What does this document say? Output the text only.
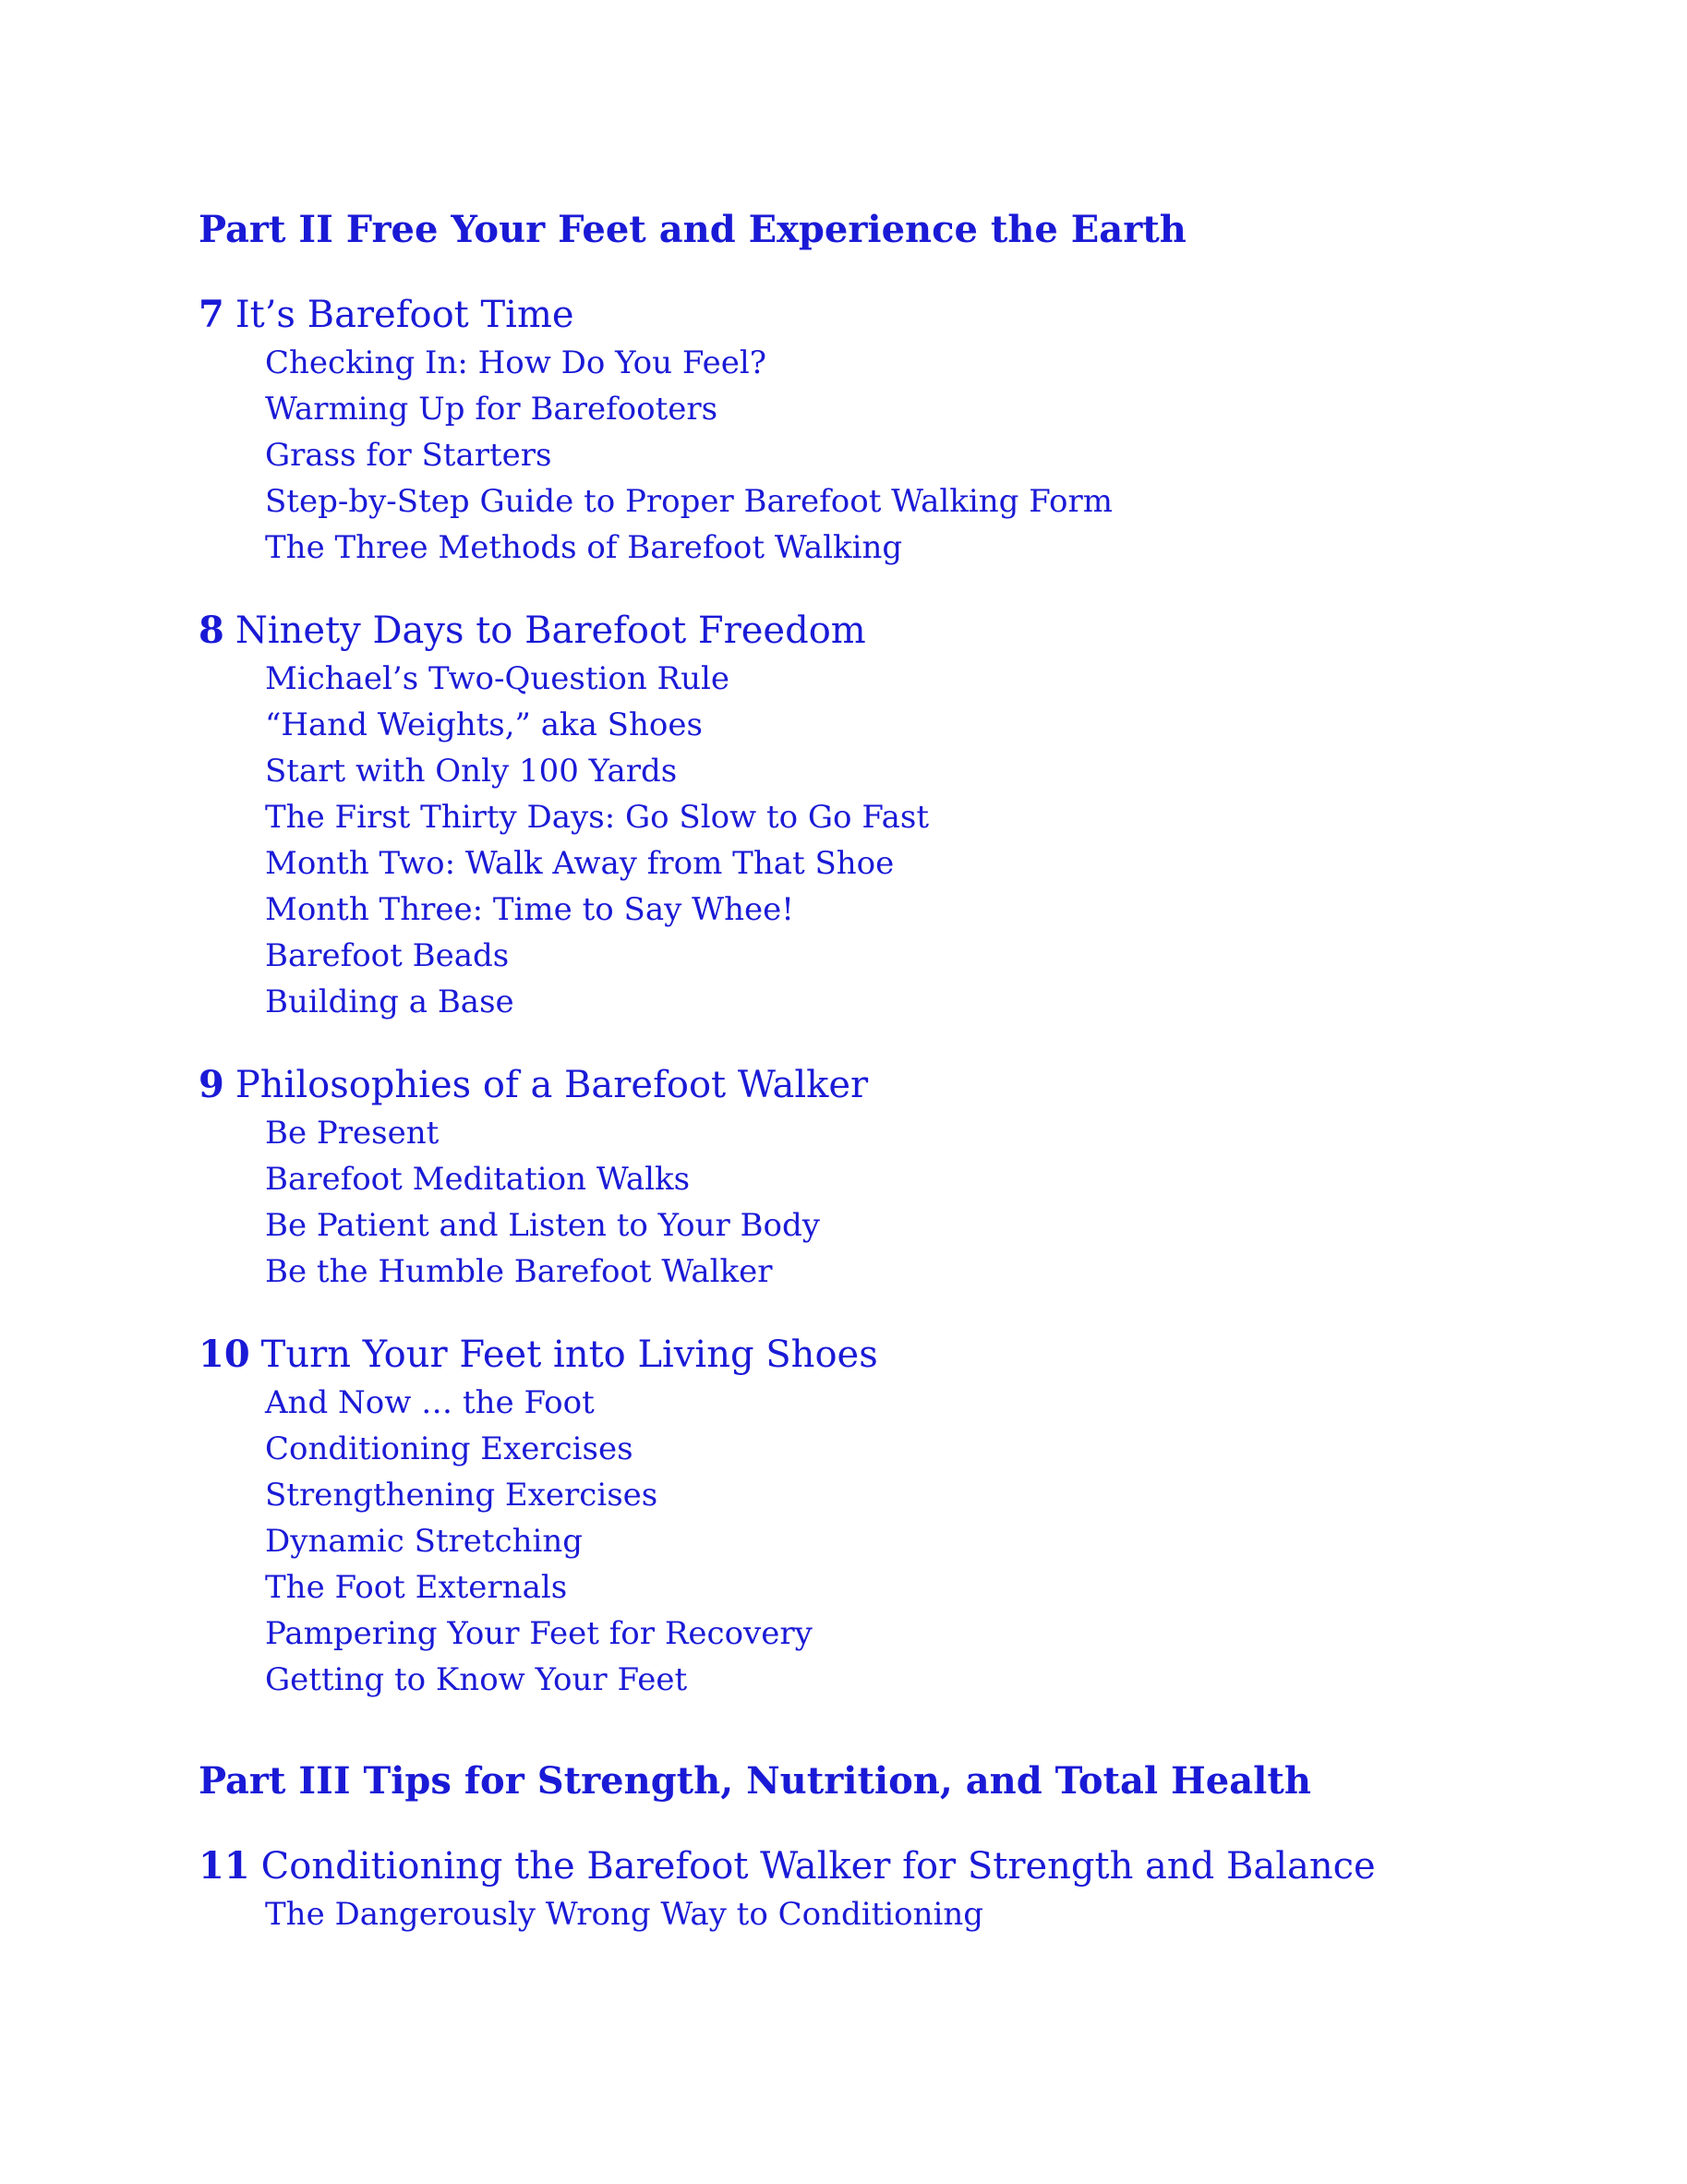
Part II Free Your Feet and Experience the Earth
7 It’s Barefoot Time
Checking In: How Do You Feel?
Warming Up for Barefooters
Grass for Starters
Step-by-Step Guide to Proper Barefoot Walking Form
The Three Methods of Barefoot Walking
8 Ninety Days to Barefoot Freedom
Michael’s Two-Question Rule
“Hand Weights,” aka Shoes
Start with Only 100 Yards
The First Thirty Days: Go Slow to Go Fast
Month Two: Walk Away from That Shoe
Month Three: Time to Say Whee!
Barefoot Beads
Building a Base
9 Philosophies of a Barefoot Walker
Be Present
Barefoot Meditation Walks
Be Patient and Listen to Your Body
Be the Humble Barefoot Walker
10 Turn Your Feet into Living Shoes
And Now … the Foot
Conditioning Exercises
Strengthening Exercises
Dynamic Stretching
The Foot Externals
Pampering Your Feet for Recovery
Getting to Know Your Feet
Part III Tips for Strength, Nutrition, and Total Health
11 Conditioning the Barefoot Walker for Strength and Balance
The Dangerously Wrong Way to Conditioning
